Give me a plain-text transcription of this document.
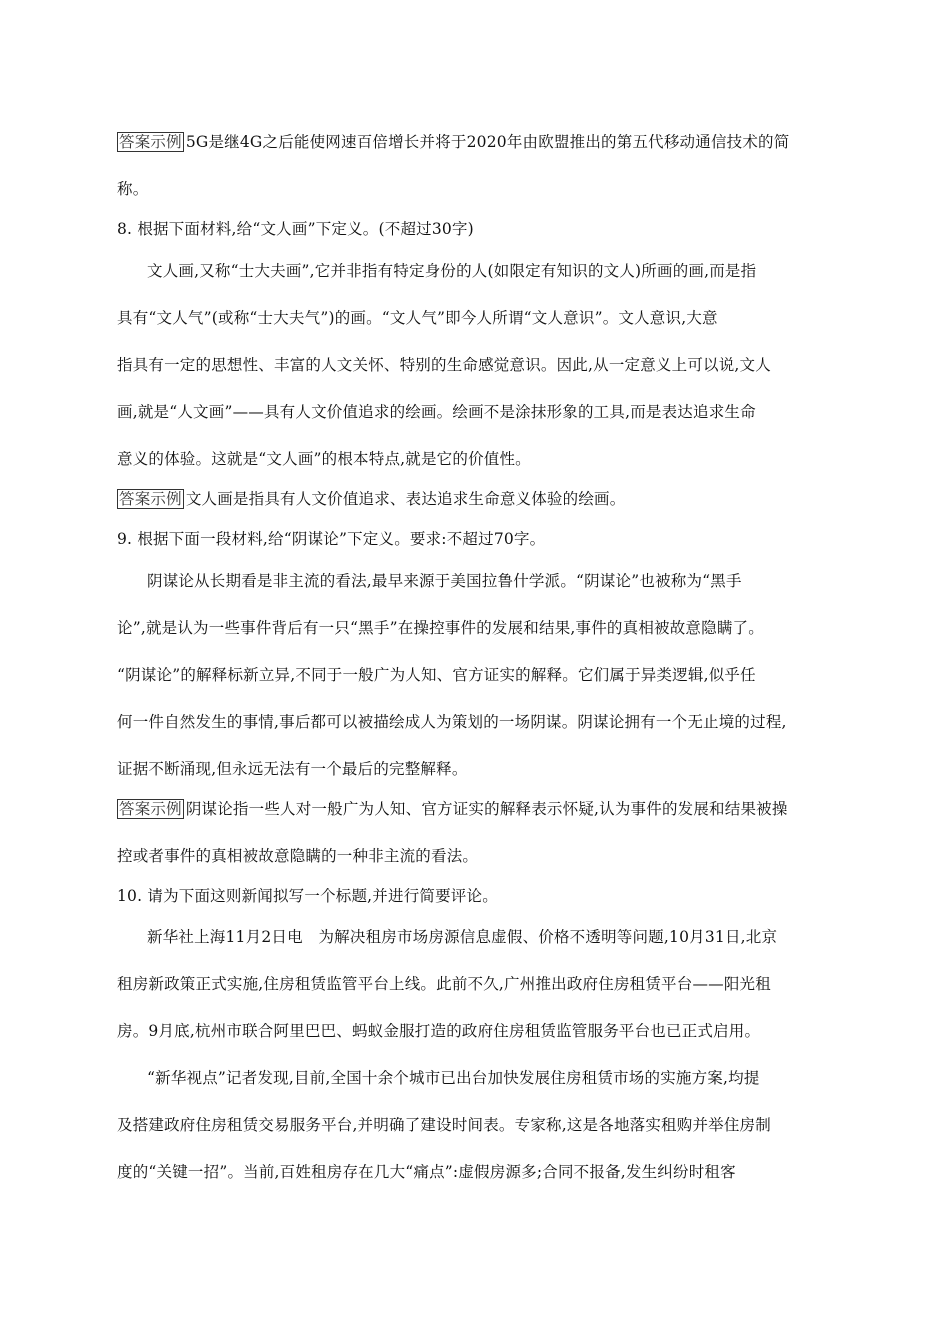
答案示例 5G是继4G之后能使网速百倍增长并将于2020年由欧盟推出的第五代移动通信技术的简
称。
8. 根据下面材料,给“文人画”下定义。(不超过30字)
文人画,又称“士大夫画”,它并非指有特定身份的人(如限定有知识的文人)所画的画,而是指
具有“文人气”(或称“士大夫气”)的画。“文人气”即今人所谓“文人意识”。文人意识,大意
指具有一定的思想性、丰富的人文关怀、特别的生命感觉意识。因此,从一定意义上可以说,文人
画,就是“人文画”——具有人文价值追求的绘画。绘画不是涂抹形象的工具,而是表达追求生命
意义的体验。这就是“文人画”的根本特点,就是它的价值性。
答案示例 文人画是指具有人文价值追求、表达追求生命意义体验的绘画。
9. 根据下面一段材料,给“阴谋论”下定义。要求:不超过70字。
阴谋论从长期看是非主流的看法,最早来源于美国拉鲁什学派。“阴谋论”也被称为“黑手
论”,就是认为一些事件背后有一只“黑手”在操控事件的发展和结果,事件的真相被故意隐瞒了。
“阴谋论”的解释标新立异,不同于一般广为人知、官方证实的解释。它们属于异类逻辑,似乎任
何一件自然发生的事情,事后都可以被描绘成人为策划的一场阴谋。阴谋论拥有一个无止境的过程,
证据不断涌现,但永远无法有一个最后的完整解释。
答案示例 阴谋论指一些人对一般广为人知、官方证实的解释表示怀疑,认为事件的发展和结果被操
控或者事件的真相被故意隐瞒的一种非主流的看法。
10. 请为下面这则新闻拟写一个标题,并进行简要评论。
新华社上海11月2日电　为解决租房市场房源信息虚假、价格不透明等问题,10月31日,北京
租房新政策正式实施,住房租赁监管平台上线。此前不久,广州推出政府住房租赁平台——阳光租
房。9月底,杭州市联合阿里巴巴、蚂蚁金服打造的政府住房租赁监管服务平台也已正式启用。
“新华视点”记者发现,目前,全国十余个城市已出台加快发展住房租赁市场的实施方案,均提
及搭建政府住房租赁交易服务平台,并明确了建设时间表。专家称,这是各地落实租购并举住房制
度的“关键一招”。当前,百姓租房存在几大“痛点”:虚假房源多;合同不报备,发生纠纷时租客
